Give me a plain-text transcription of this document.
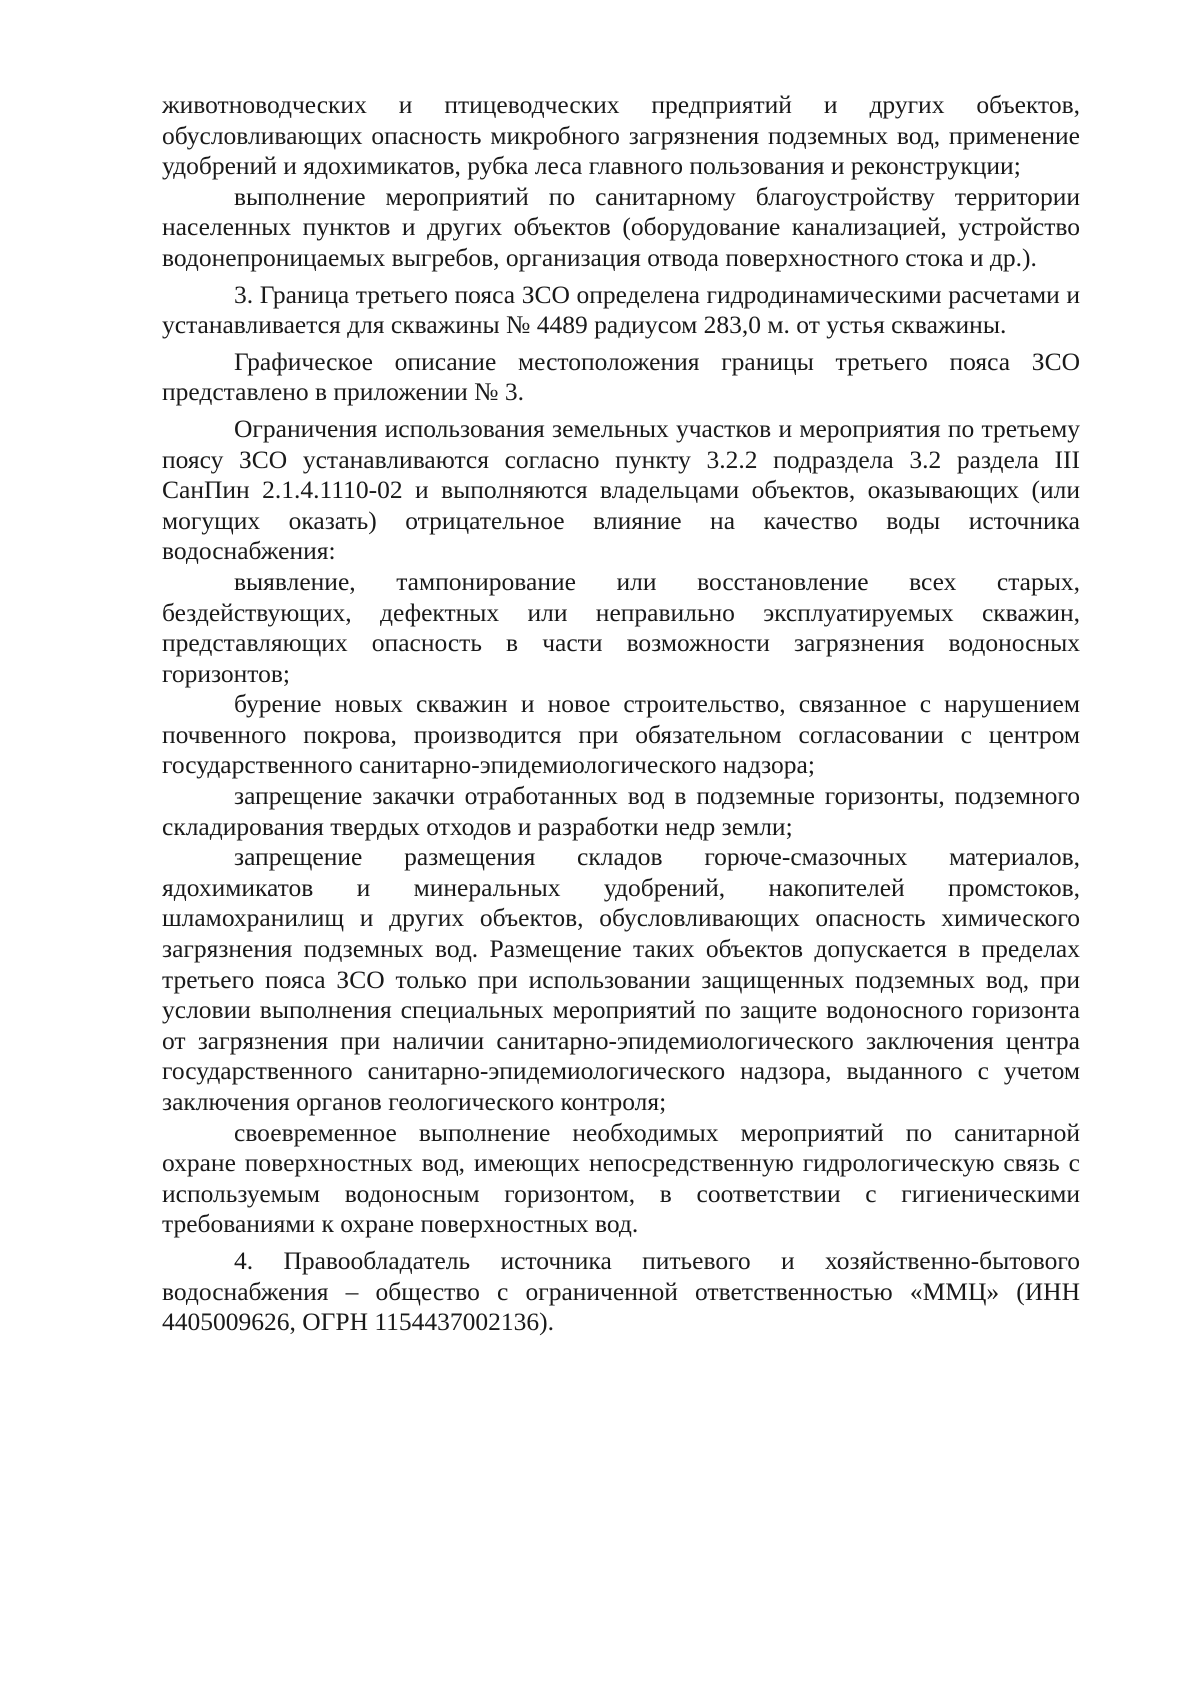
животноводческих и птицеводческих предприятий и других объектов, обусловливающих опасность микробного загрязнения подземных вод, применение удобрений и ядохимикатов, рубка леса главного пользования и реконструкции;

выполнение мероприятий по санитарному благоустройству территории населенных пунктов и других объектов (оборудование канализацией, устройство водонепроницаемых выгребов, организация отвода поверхностного стока и др.).

3. Граница третьего пояса ЗСО определена гидродинамическими расчетами и устанавливается для скважины № 4489 радиусом 283,0 м. от устья скважины.

Графическое описание местоположения границы третьего пояса ЗСО представлено в приложении № 3.

Ограничения использования земельных участков и мероприятия по третьему поясу ЗСО устанавливаются согласно пункту 3.2.2 подраздела 3.2 раздела III СанПин 2.1.4.1110-02 и выполняются владельцами объектов, оказывающих (или могущих оказать) отрицательное влияние на качество воды источника водоснабжения:

выявление, тампонирование или восстановление всех старых, бездействующих, дефектных или неправильно эксплуатируемых скважин, представляющих опасность в части возможности загрязнения водоносных горизонтов;

бурение новых скважин и новое строительство, связанное с нарушением почвенного покрова, производится при обязательном согласовании с центром государственного санитарно-эпидемиологического надзора;

запрещение закачки отработанных вод в подземные горизонты, подземного складирования твердых отходов и разработки недр земли;

запрещение размещения складов горюче-смазочных материалов, ядохимикатов и минеральных удобрений, накопителей промстоков, шламохранилищ и других объектов, обусловливающих опасность химического загрязнения подземных вод. Размещение таких объектов допускается в пределах третьего пояса ЗСО только при использовании защищенных подземных вод, при условии выполнения специальных мероприятий по защите водоносного горизонта от загрязнения при наличии санитарно-эпидемиологического заключения центра государственного санитарно-эпидемиологического надзора, выданного с учетом заключения органов геологического контроля;

своевременное выполнение необходимых мероприятий по санитарной охране поверхностных вод, имеющих непосредственную гидрологическую связь с используемым водоносным горизонтом, в соответствии с гигиеническими требованиями к охране поверхностных вод.

4. Правообладатель источника питьевого и хозяйственно-бытового водоснабжения – общество с ограниченной ответственностью «ММЦ» (ИНН 4405009626, ОГРН 1154437002136).
